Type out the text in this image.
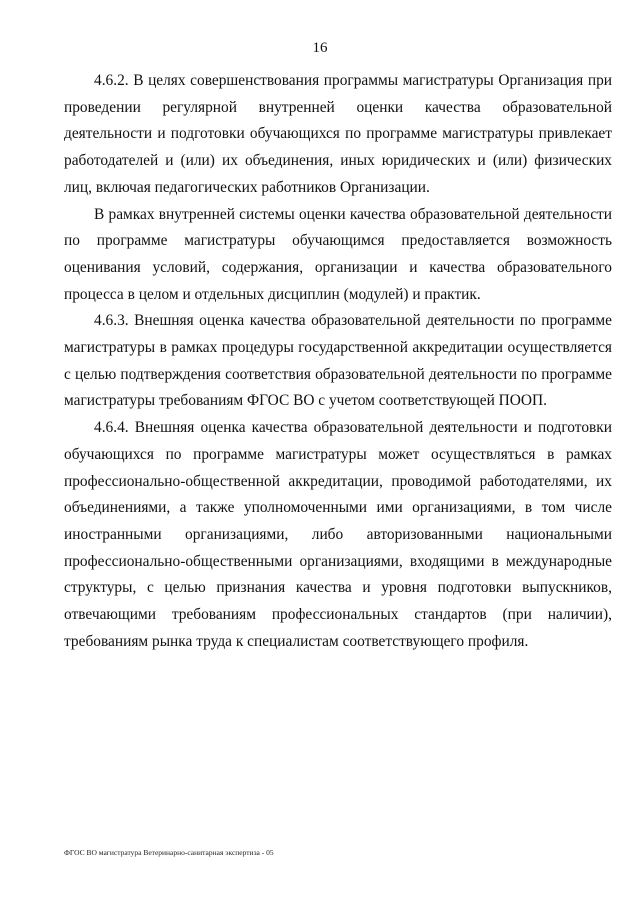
16

4.6.2. В целях совершенствования программы магистратуры Организация при проведении регулярной внутренней оценки качества образовательной деятельности и подготовки обучающихся по программе магистратуры привлекает работодателей и (или) их объединения, иных юридических и (или) физических лиц, включая педагогических работников Организации.

В рамках внутренней системы оценки качества образовательной деятельности по программе магистратуры обучающимся предоставляется возможность оценивания условий, содержания, организации и качества образовательного процесса в целом и отдельных дисциплин (модулей) и практик.

4.6.3. Внешняя оценка качества образовательной деятельности по программе магистратуры в рамках процедуры государственной аккредитации осуществляется с целью подтверждения соответствия образовательной деятельности по программе магистратуры требованиям ФГОС ВО с учетом соответствующей ПООП.

4.6.4. Внешняя оценка качества образовательной деятельности и подготовки обучающихся по программе магистратуры может осуществляться в рамках профессионально-общественной аккредитации, проводимой работодателями, их объединениями, а также уполномоченными ими организациями, в том числе иностранными организациями, либо авторизованными национальными профессионально-общественными организациями, входящими в международные структуры, с целью признания качества и уровня подготовки выпускников, отвечающими требованиям профессиональных стандартов (при наличии), требованиям рынка труда к специалистам соответствующего профиля.

ФГОС ВО магистратура Ветеринарно-санитарная экспертиза - 05
